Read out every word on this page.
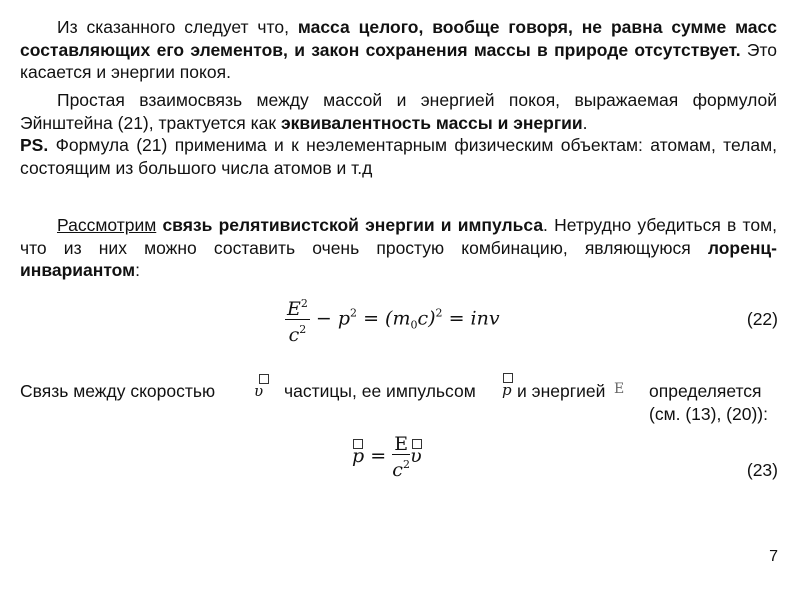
Из сказанного следует что, масса целого, вообще говоря, не равна сумме масс составляющих его элементов, и закон сохранения массы в природе отсутствует. Это касается и энергии покоя.

Простая взаимосвязь между массой и энергией покоя, выражаемая формулой Эйнштейна (21), трактуется как эквивалентность массы и энергии.
PS. Формула (21) применима и к неэлементарным физическим объектам: атомам, телам, состоящим из большого числа атомов и т.д

Рассмотрим связь релятивистской энергии и импульса. Нетрудно убедиться в том, что из них можно составить очень простую комбинацию, являющуюся лоренц-инвариантом:

$\frac{E^2}{c^2} - p^2 = (m_0c)^2$ = inv	(22)
Связь между скоростью	частицы, ее импульсом и энергией определяется (см. (13), (20)):
υ	p	E
$p = \frac{E}{c^2}$ υ
(23)
7
